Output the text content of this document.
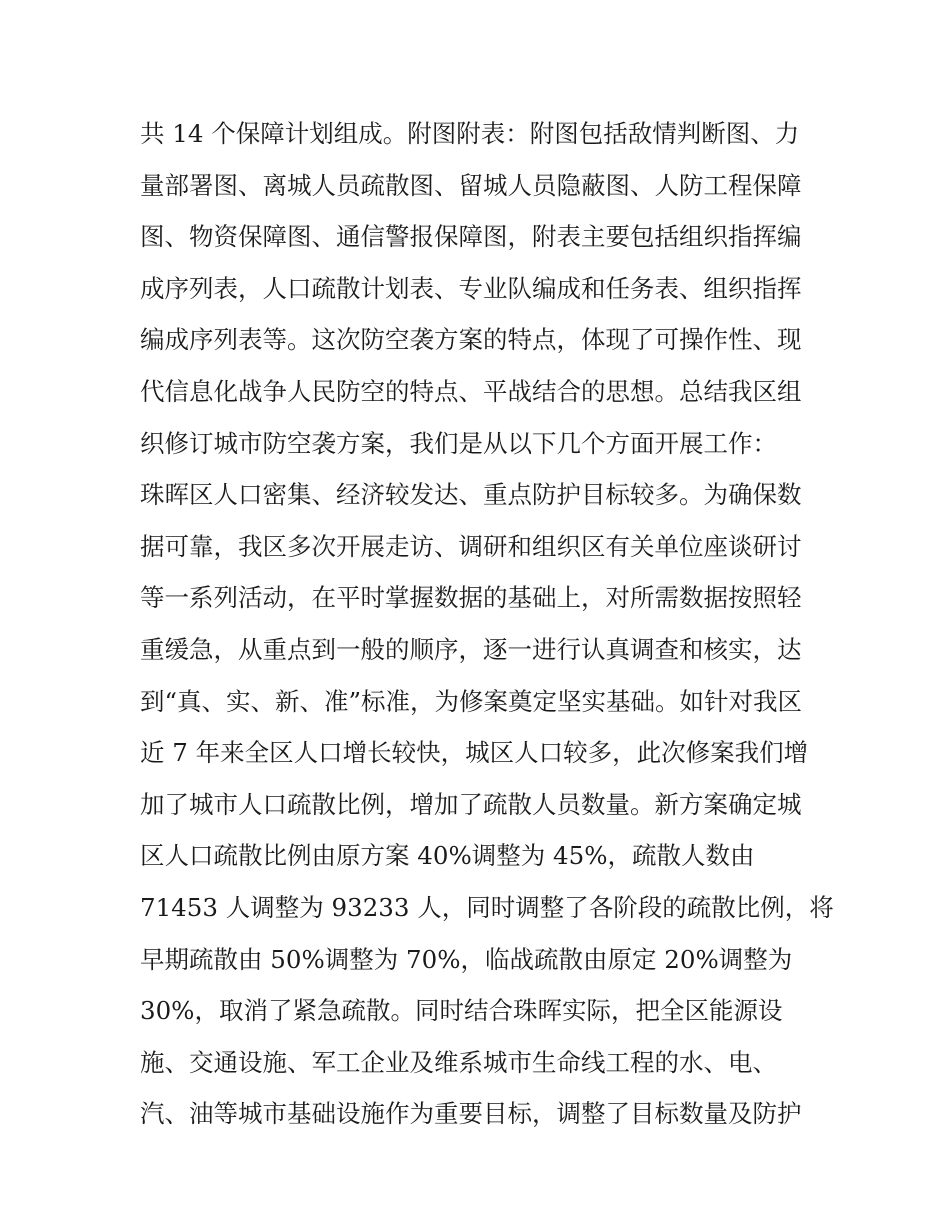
共 14 个保障计划组成。附图附表：附图包括敌情判断图、力
量部署图、离城人员疏散图、留城人员隐蔽图、人防工程保障
图、物资保障图、通信警报保障图，附表主要包括组织指挥编
成序列表，人口疏散计划表、专业队编成和任务表、组织指挥
编成序列表等。这次防空袭方案的特点，体现了可操作性、现
代信息化战争人民防空的特点、平战结合的思想。总结我区组
织修订城市防空袭方案，我们是从以下几个方面开展工作：
珠晖区人口密集、经济较发达、重点防护目标较多。为确保数
据可靠，我区多次开展走访、调研和组织区有关单位座谈研讨
等一系列活动，在平时掌握数据的基础上，对所需数据按照轻
重缓急，从重点到一般的顺序，逐一进行认真调查和核实，达
到“真、实、新、准”标准，为修案奠定坚实基础。如针对我区
近 7 年来全区人口增长较快，城区人口较多，此次修案我们增
加了城市人口疏散比例，增加了疏散人员数量。新方案确定城
区人口疏散比例由原方案 40%调整为 45%，疏散人数由
71453 人调整为 93233 人，同时调整了各阶段的疏散比例，将
早期疏散由 50%调整为 70%，临战疏散由原定 20%调整为
30%，取消了紧急疏散。同时结合珠晖实际，把全区能源设
施、交通设施、军工企业及维系城市生命线工程的水、电、
汽、油等城市基础设施作为重要目标，调整了目标数量及防护
